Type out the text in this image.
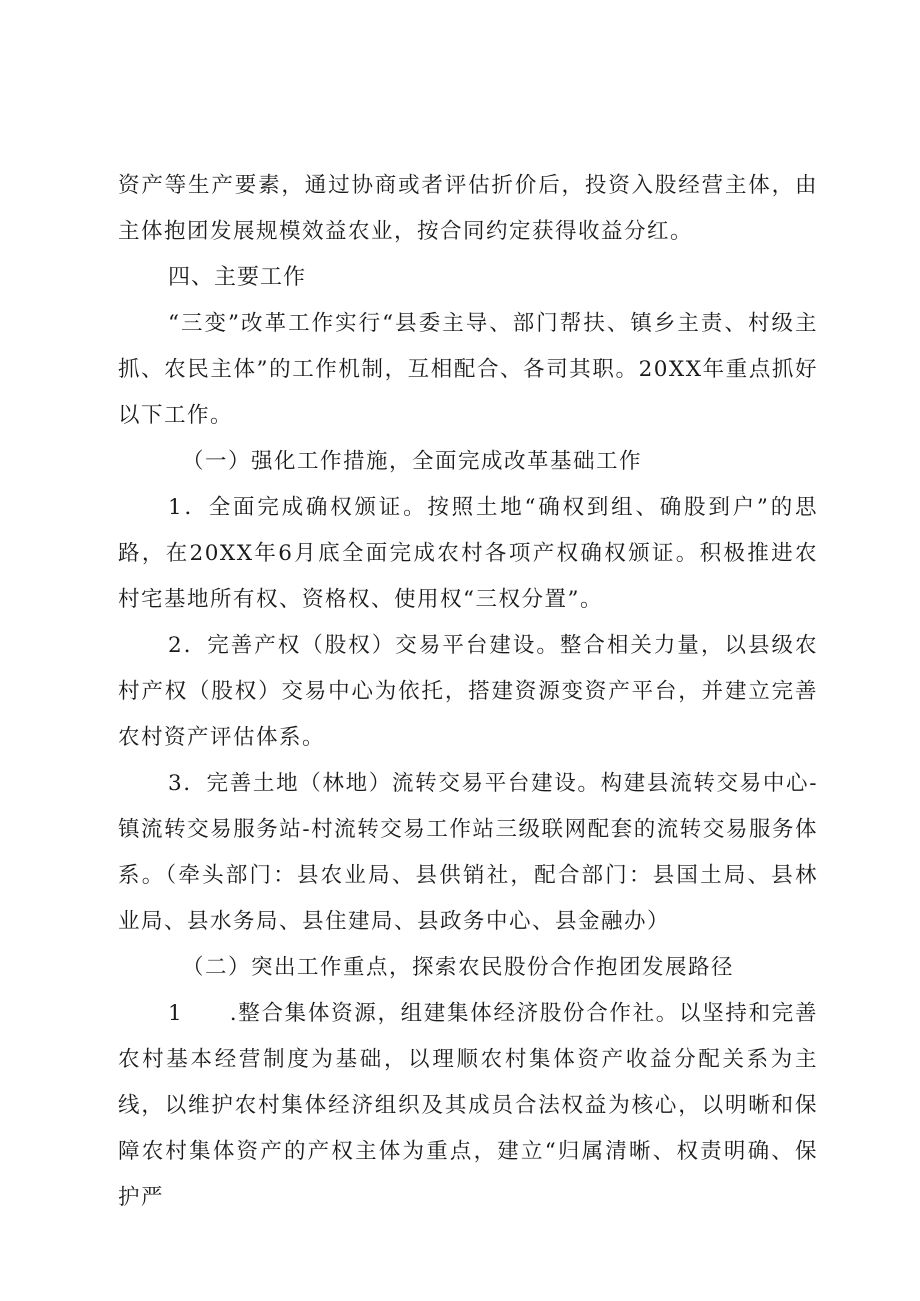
资产等生产要素，通过协商或者评估折价后，投资入股经营主体，由主体抱团发展规模效益农业，按合同约定获得收益分红。

四、主要工作

“三变”改革工作实行“县委主导、部门帮扶、镇乡主责、村级主抓、农民主体”的工作机制，互相配合、各司其职。20XX年重点抓好以下工作。

（一）强化工作措施，全面完成改革基础工作

1．全面完成确权颁证。按照土地“确权到组、确股到户”的思路，在20XX年6月底全面完成农村各项产权确权颁证。积极推进农村宅基地所有权、资格权、使用权“三权分置”。

2．完善产权（股权）交易平台建设。整合相关力量，以县级农村产权（股权）交易中心为依托，搭建资源变资产平台，并建立完善农村资产评估体系。

3．完善土地（林地）流转交易平台建设。构建县流转交易中心-镇流转交易服务站-村流转交易工作站三级联网配套的流转交易服务体系。（牵头部门：县农业局、县供销社，配合部门：县国土局、县林业局、县水务局、县住建局、县政务中心、县金融办）

（二）突出工作重点，探索农民股份合作抱团发展路径

1　　.整合集体资源，组建集体经济股份合作社。以坚持和完善农村基本经营制度为基础，以理顺农村集体资产收益分配关系为主线，以维护农村集体经济组织及其成员合法权益为核心，以明晰和保障农村集体资产的产权主体为重点，建立“归属清晰、权责明确、保护严
